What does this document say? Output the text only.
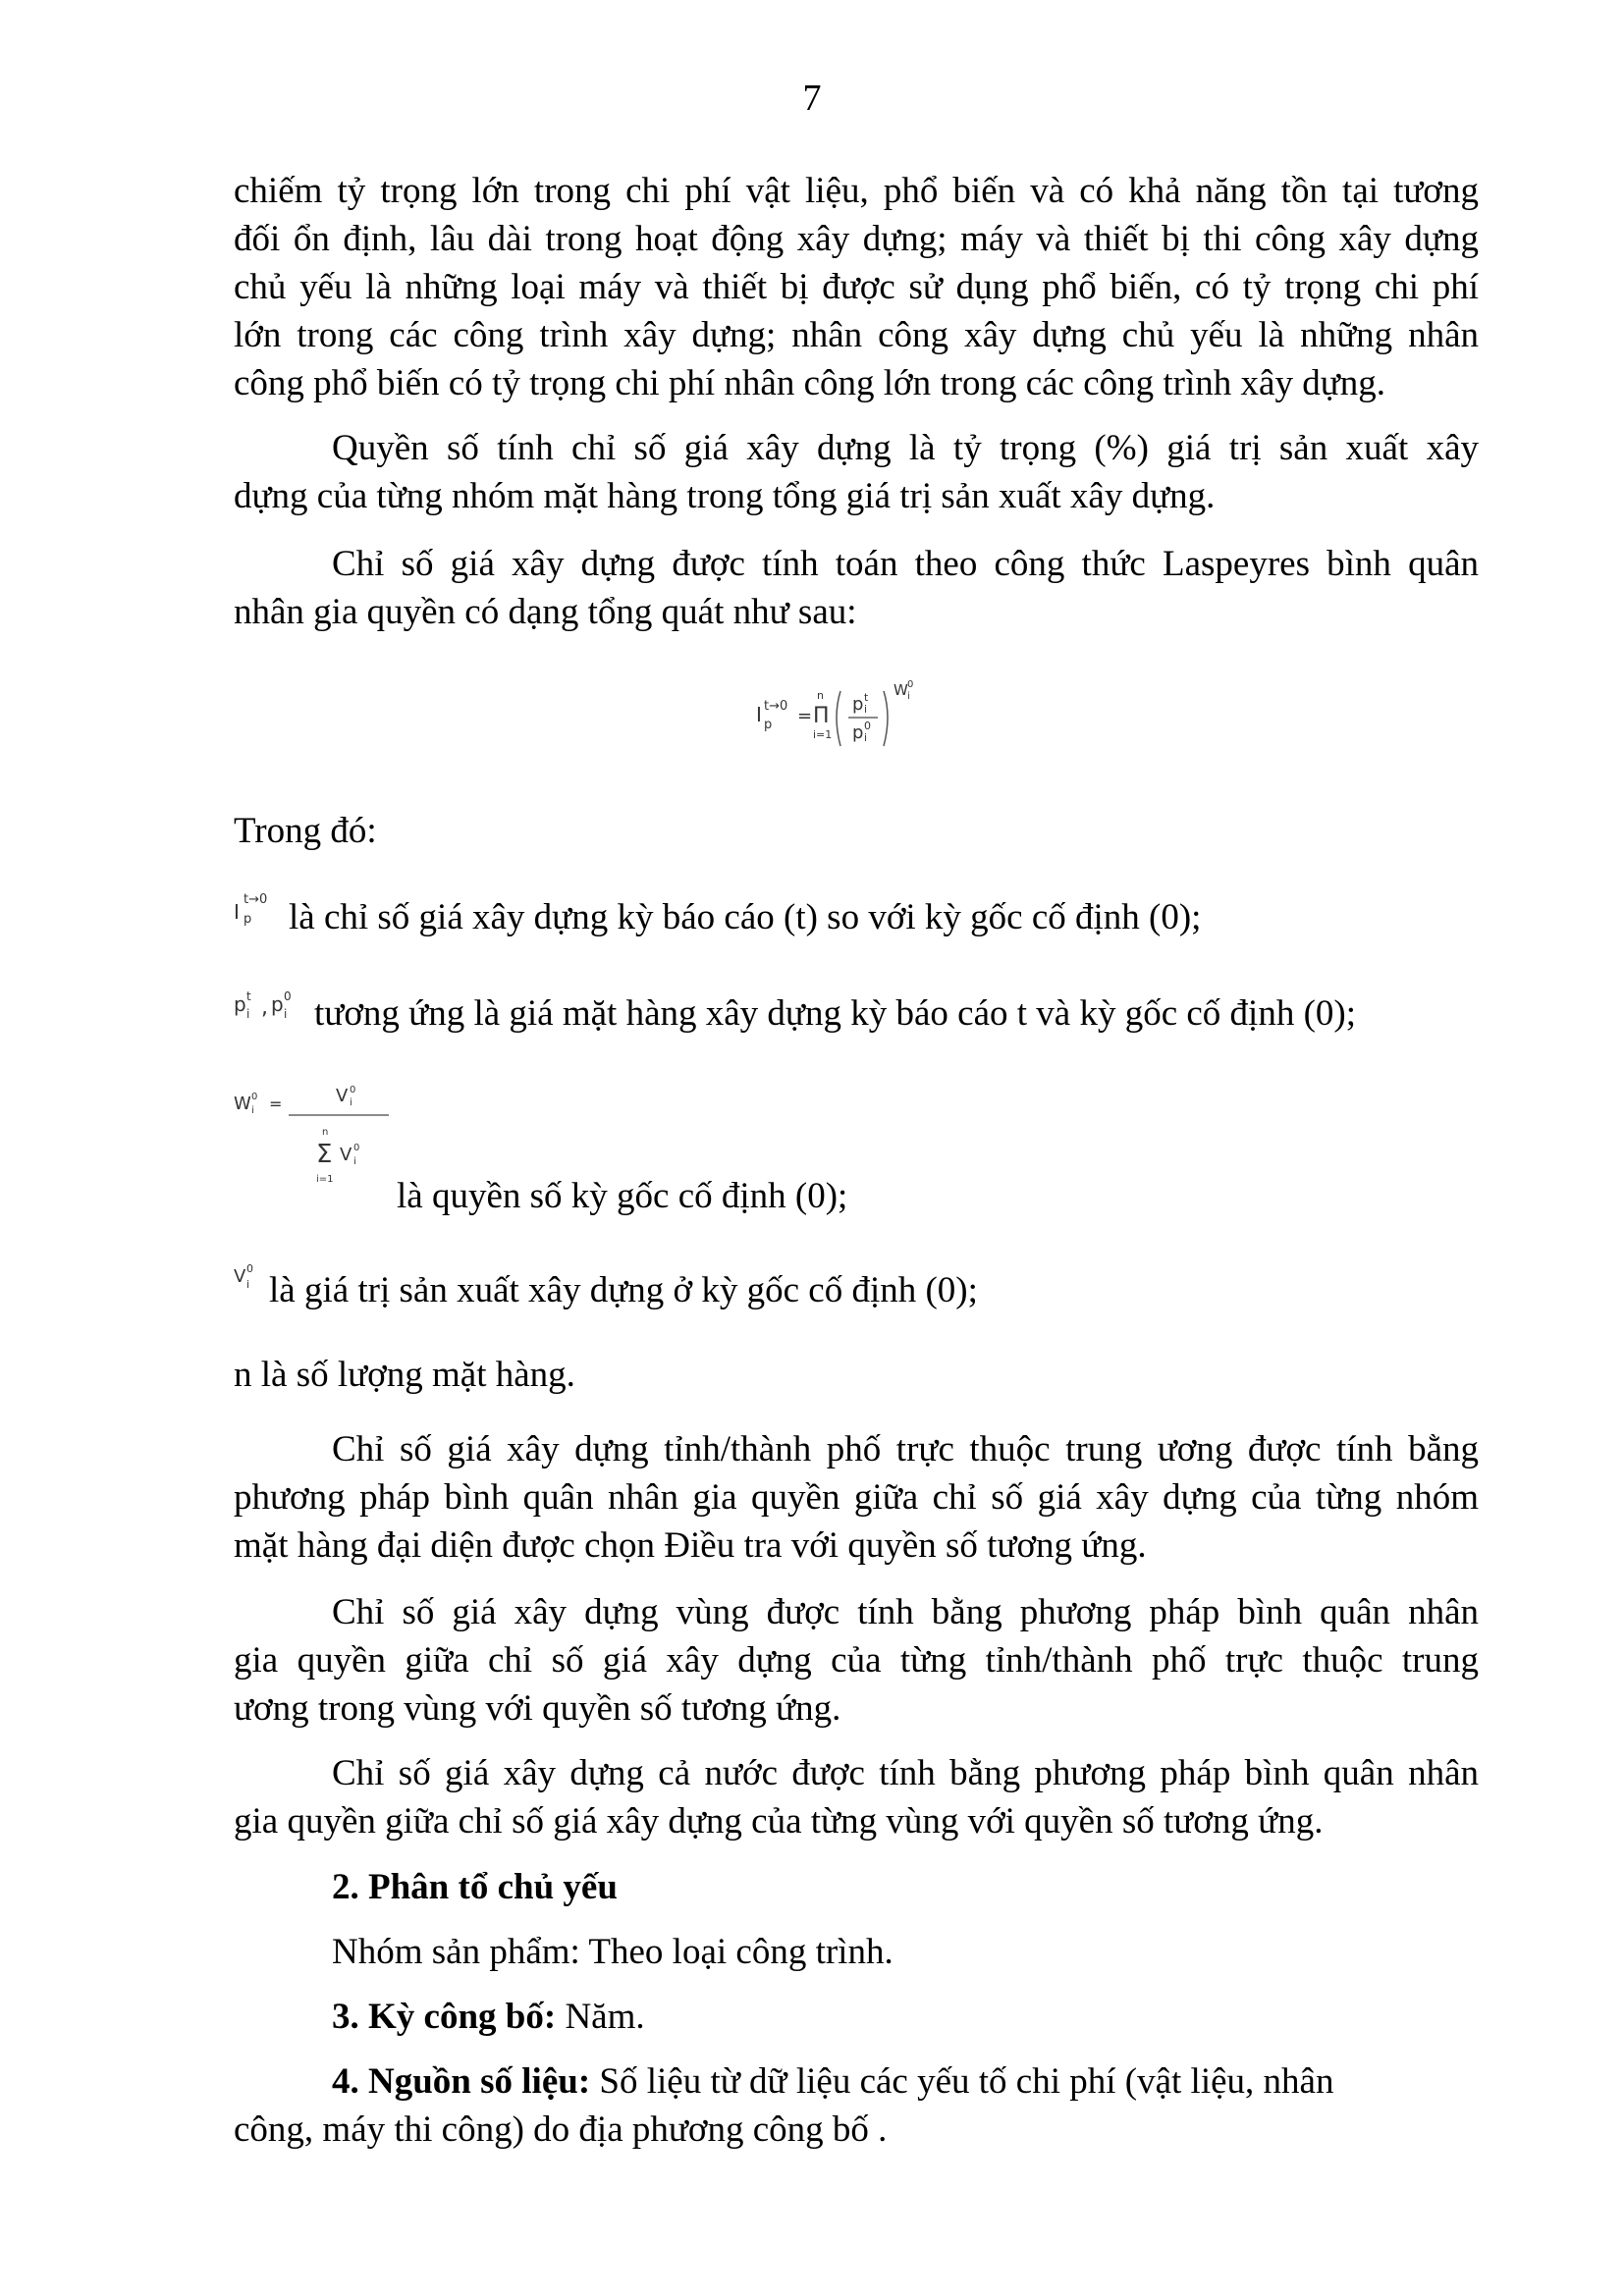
7
chiếm tỷ trọng lớn trong chi phí vật liệu, phổ biến và có khả năng tồn tại tương
đối ổn định, lâu dài trong hoạt động xây dựng; máy và thiết bị thi công xây dựng
chủ yếu là những loại máy và thiết bị được sử dụng phổ biến, có tỷ trọng chi phí
lớn trong các công trình xây dựng; nhân công xây dựng chủ yếu là những nhân
công phổ biến có tỷ trọng chi phí nhân công lớn trong các công trình xây dựng.
Quyền số tính chỉ số giá xây dựng là tỷ trọng (%) giá trị sản xuất xây
dựng của từng nhóm mặt hàng trong tổng giá trị sản xuất xây dựng.
Chỉ số giá xây dựng được tính toán theo công thức Laspeyres bình quân
nhân gia quyền có dạng tổng quát như sau:
I t→0
p =
n
Π
i=1
p t
i
p 0
i
W 0
i
Trong đó:
I
t→0
p là chỉ số giá xây dựng kỳ báo cáo (t) so với kỳ gốc cố định (0);
p t
i , p 0
i tương ứng là giá mặt hàng xây dựng kỳ báo cáo t và kỳ gốc cố định (0);
W 0
i =	V 0
i
n
Σ
i=1
V 0
i
là quyền số kỳ gốc cố định (0);
V 0
i là giá trị sản xuất xây dựng ở kỳ gốc cố định (0);
n là số lượng mặt hàng.
Chỉ số giá xây dựng tỉnh/thành phố trực thuộc trung ương được tính bằng
phương pháp bình quân nhân gia quyền giữa chỉ số giá xây dựng của từng nhóm
mặt hàng đại diện được chọn Điều tra với quyền số tương ứng.
Chỉ số giá xây dựng vùng được tính bằng phương pháp bình quân nhân
gia quyền giữa chỉ số giá xây dựng của từng tỉnh/thành phố trực thuộc trung
ương trong vùng với quyền số tương ứng.
Chỉ số giá xây dựng cả nước được tính bằng phương pháp bình quân nhân
gia quyền giữa chỉ số giá xây dựng của từng vùng với quyền số tương ứng.
2. Phân tổ chủ yếu
Nhóm sản phẩm: Theo loại công trình.
3. Kỳ công bố: Năm.
4. Nguồn số liệu: Số liệu từ dữ liệu các yếu tố chi phí (vật liệu, nhân
công, máy thi công) do địa phương công bố .
